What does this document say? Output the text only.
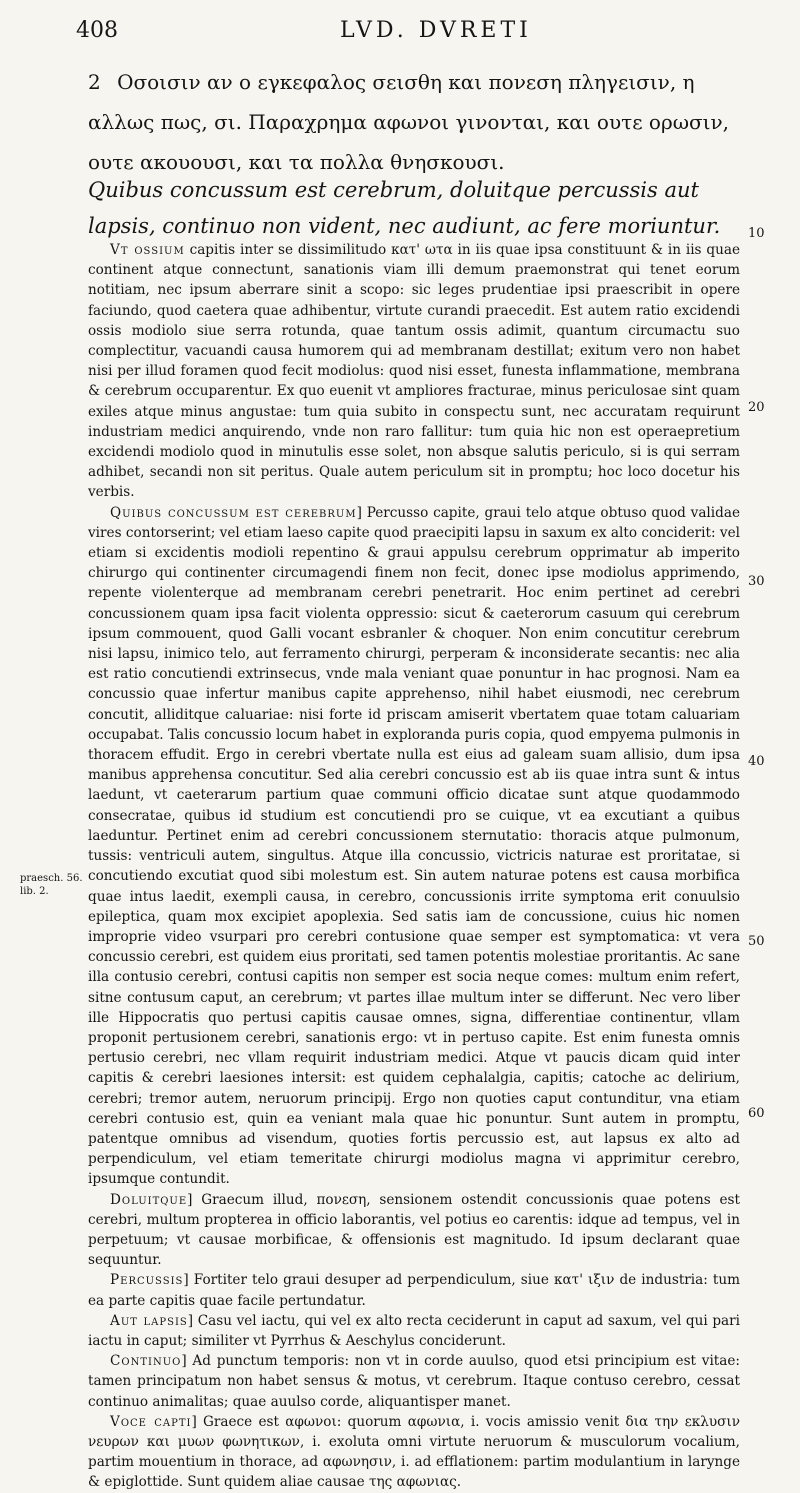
408	LVD. DVRETI
2 Οσοισιν αν ο εγκεφαλος σεισθη και πονεση πληγεισιν, η αλλως πως, σι. Παραχρημα αφωνοι γινονται, και ουτε ορωσιν, ουτε ακουουσι, και τα πολλα θνησκουσι.
Quibus concussum est cerebrum, doluitque percussis aut lapsis, continuo non vident, nec audiunt, ac fere moriuntur.

Vt ossium capitis inter se dissimilitudo κατ' ωτα in iis quae ipsa constituunt & in iis quae continent atque connectunt, sanationis viam illi demum praemonstrat qui tenet eorum notitiam, nec ipsum aberrare sinit a scopo: sic leges prudentiae ipsi praescribit in opere faciundo, quod caetera quae adhibentur, virtute curandi praecedit. Est autem ratio excidendi ossis modiolo siue serra rotunda, quae tantum ossis adimit, quantum circumactu suo complectitur, vacuandi causa humorem qui ad membranam destillat; exitum vero non habet nisi per illud foramen quod fecit modiolus: quod nisi esset, funesta inflammatione, membrana & cerebrum occuparentur. Ex quo euenit vt ampliores fracturae, minus periculosae sint quam exiles atque minus angustae: tum quia subito in conspectu sunt, nec accuratam requirunt industriam medici anquirendo, vnde non raro fallitur: tum quia hic non est operaepretium excidendi modiolo quod in minutulis esse solet, non absque salutis periculo, si is qui serram adhibet, secandi non sit peritus. Quale autem periculum sit in promptu; hoc loco docetur his verbis.

Quibus concussum est cerebrum] Percusso capite, graui telo atque obtuso quod validae vires contorserint; vel etiam laeso capite quod praecipiti lapsu in saxum ex alto conciderit: vel etiam si excidentis modioli repentino & graui appulsu cerebrum opprimatur ab imperito chirurgo qui continenter circumagendi finem non fecit, donec ipse modiolus apprimendo, repente violenterque ad membranam cerebri penetrarit. Hoc enim pertinet ad cerebri concussionem quam ipsa facit violenta oppressio: sicut & caeterorum casuum qui cerebrum ipsum commouent, quod Galli vocant esbranler & choquer. Non enim concutitur cerebrum nisi lapsu, inimico telo, aut ferramento chirurgi, perperam & inconsiderate secantis: nec alia est ratio concutiendi extrinsecus, vnde mala veniant quae ponuntur in hac prognosi. Nam ea concussio quae infertur manibus capite apprehenso, nihil habet eiusmodi, nec cerebrum concutit, alliditque caluariae: nisi forte id priscam amiserit vbertatem quae totam caluariam occupabat. Talis concussio locum habet in exploranda puris copia, quod empyema pulmonis in thoracem effudit. Ergo in cerebri vbertate nulla est eius ad galeam suam allisio, dum ipsa manibus apprehensa concutitur. Sed alia cerebri concussio est ab iis quae intra sunt & intus laedunt, vt caeterarum partium quae communi officio dicatae sunt atque quodammodo consecratae, quibus id studium est concutiendi pro se cuique, vt ea excutiant a quibus laeduntur. Pertinet enim ad cerebri concussionem sternutatio: thoracis atque pulmonum, tussis: ventriculi autem, singultus. Atque illa concussio, victricis naturae est proritatae, si concutiendo excutiat quod sibi molestum est. Sin autem naturae potens est causa morbifica quae intus laedit, exempli causa, in cerebro, concussionis irrite symptoma erit conuulsio epileptica, quam mox excipiet apoplexia. Sed satis iam de concussione, cuius hic nomen improprie video vsurpari pro cerebri contusione quae semper est symptomatica: vt vera concussio cerebri, est quidem eius proritati, sed tamen potentis molestiae proritantis. Ac sane illa contusio cerebri, contusi capitis non semper est socia neque comes: multum enim refert, sitne contusum caput, an cerebrum; vt partes illae multum inter se differunt. Nec vero liber ille Hippocratis quo pertusi capitis causae omnes, signa, differentiae continentur, vllam proponit pertusionem cerebri, sanationis ergo: vt in pertuso capite. Est enim funesta omnis pertusio cerebri, nec vllam requirit industriam medici. Atque vt paucis dicam quid inter capitis & cerebri laesiones intersit: est quidem cephalalgia, capitis; catoche ac delirium, cerebri; tremor autem, neruorum principij. Ergo non quoties caput contunditur, vna etiam cerebri contusio est, quin ea veniant mala quae hic ponuntur. Sunt autem in promptu, patentque omnibus ad visendum, quoties fortis percussio est, aut lapsus ex alto ad perpendiculum, vel etiam temeritate chirurgi modiolus magna vi apprimitur cerebro, ipsumque contundit.

Doluitque] Graecum illud, πονεση, sensionem ostendit concussionis quae potens est cerebri, multum propterea in officio laborantis, vel potius eo carentis: idque ad tempus, vel in perpetuum; vt causae morbificae, & offensionis est magnitudo. Id ipsum declarant quae sequuntur.

Percussis] Fortiter telo graui desuper ad perpendiculum, siue κατ' ιξιν de industria: tum ea parte capitis quae facile pertundatur.

Aut lapsis] Casu vel iactu, qui vel ex alto recta ceciderunt in caput ad saxum, vel qui pari iactu in caput; similiter vt Pyrrhus & Aeschylus conciderunt.

Continuo] Ad punctum temporis: non vt in corde auulso, quod etsi principium est vitae: tamen principatum non habet sensus & motus, vt cerebrum. Itaque contuso cerebro, cessat continuo animalitas; quae auulso corde, aliquantisper manet.

Voce capti] Graece est αφωνοι: quorum αφωνια, i. vocis amissio venit δια την εκλυσιν νευρων και μυων φωνητικων, i. exoluta omni virtute neruorum & musculorum vocalium, partim mouentium in thorace, ad αφωνησιν, i. ad efflationem: partim modulantium in larynge & epiglottide. Sunt quidem aliae causae της αφωνιας.

10
20
30
40
50
60
praesch. 56.
lib. 2.
